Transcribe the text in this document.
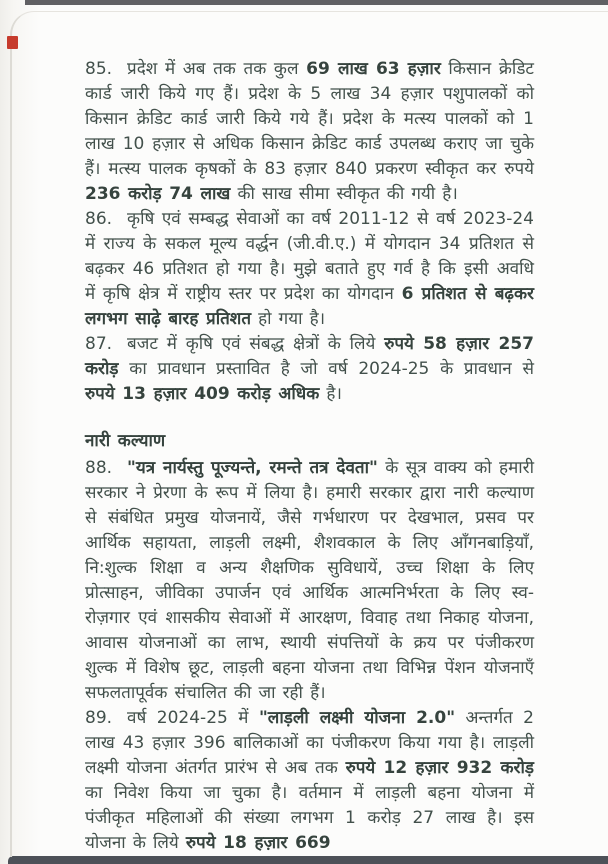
85. प्रदेश में अब तक तक कुल 69 लाख 63 हज़ार किसान क्रेडिट कार्ड जारी किये गए हैं। प्रदेश के 5 लाख 34 हज़ार पशुपालकों को किसान क्रेडिट कार्ड जारी किये गये हैं। प्रदेश के मत्स्य पालकों को 1 लाख 10 हज़ार से अधिक किसान क्रेडिट कार्ड उपलब्ध कराए जा चुके हैं। मत्स्य पालक कृषकों के 83 हज़ार 840 प्रकरण स्वीकृत कर रुपये 236 करोड़ 74 लाख की साख सीमा स्वीकृत की गयी है।

86. कृषि एवं सम्बद्ध सेवाओं का वर्ष 2011-12 से वर्ष 2023-24 में राज्य के सकल मूल्य वर्द्धन (जी.वी.ए.) में योगदान 34 प्रतिशत से बढ़कर 46 प्रतिशत हो गया है। मुझे बताते हुए गर्व है कि इसी अवधि में कृषि क्षेत्र में राष्ट्रीय स्तर पर प्रदेश का योगदान 6 प्रतिशत से बढ़कर लगभग साढ़े बारह प्रतिशत हो गया है।

87. बजट में कृषि एवं संबद्ध क्षेत्रों के लिये रुपये 58 हज़ार 257 करोड़ का प्रावधान प्रस्तावित है जो वर्ष 2024-25 के प्रावधान से रुपये 13 हज़ार 409 करोड़ अधिक है।

नारी कल्याण

88. "यत्र नार्यस्तु पूज्यन्ते, रमन्ते तत्र देवता" के सूत्र वाक्य को हमारी सरकार ने प्रेरणा के रूप में लिया है। हमारी सरकार द्वारा नारी कल्याण से संबंधित प्रमुख योजनायें, जैसे गर्भधारण पर देखभाल, प्रसव पर आर्थिक सहायता, लाड़ली लक्ष्मी, शैशवकाल के लिए आँगनबाड़ियाँ, नि:शुल्क शिक्षा व अन्य शैक्षणिक सुविधायें, उच्च शिक्षा के लिए प्रोत्साहन, जीविका उपार्जन एवं आर्थिक आत्मनिर्भरता के लिए स्व-रोज़गार एवं शासकीय सेवाओं में आरक्षण, विवाह तथा निकाह योजना, आवास योजनाओं का लाभ, स्थायी संपत्तियों के क्रय पर पंजीकरण शुल्क में विशेष छूट, लाड़ली बहना योजना तथा विभिन्न पेंशन योजनाएँ सफलतापूर्वक संचालित की जा रही हैं।

89. वर्ष 2024-25 में "लाड़ली लक्ष्मी योजना 2.0" अन्तर्गत 2 लाख 43 हज़ार 396 बालिकाओं का पंजीकरण किया गया है। लाड़ली लक्ष्मी योजना अंतर्गत प्रारंभ से अब तक रुपये 12 हज़ार 932 करोड़ का निवेश किया जा चुका है। वर्तमान में लाड़ली बहना योजना में पंजीकृत महिलाओं की संख्या लगभग 1 करोड़ 27 लाख है। इस योजना के लिये रुपये 18 हज़ार 669
